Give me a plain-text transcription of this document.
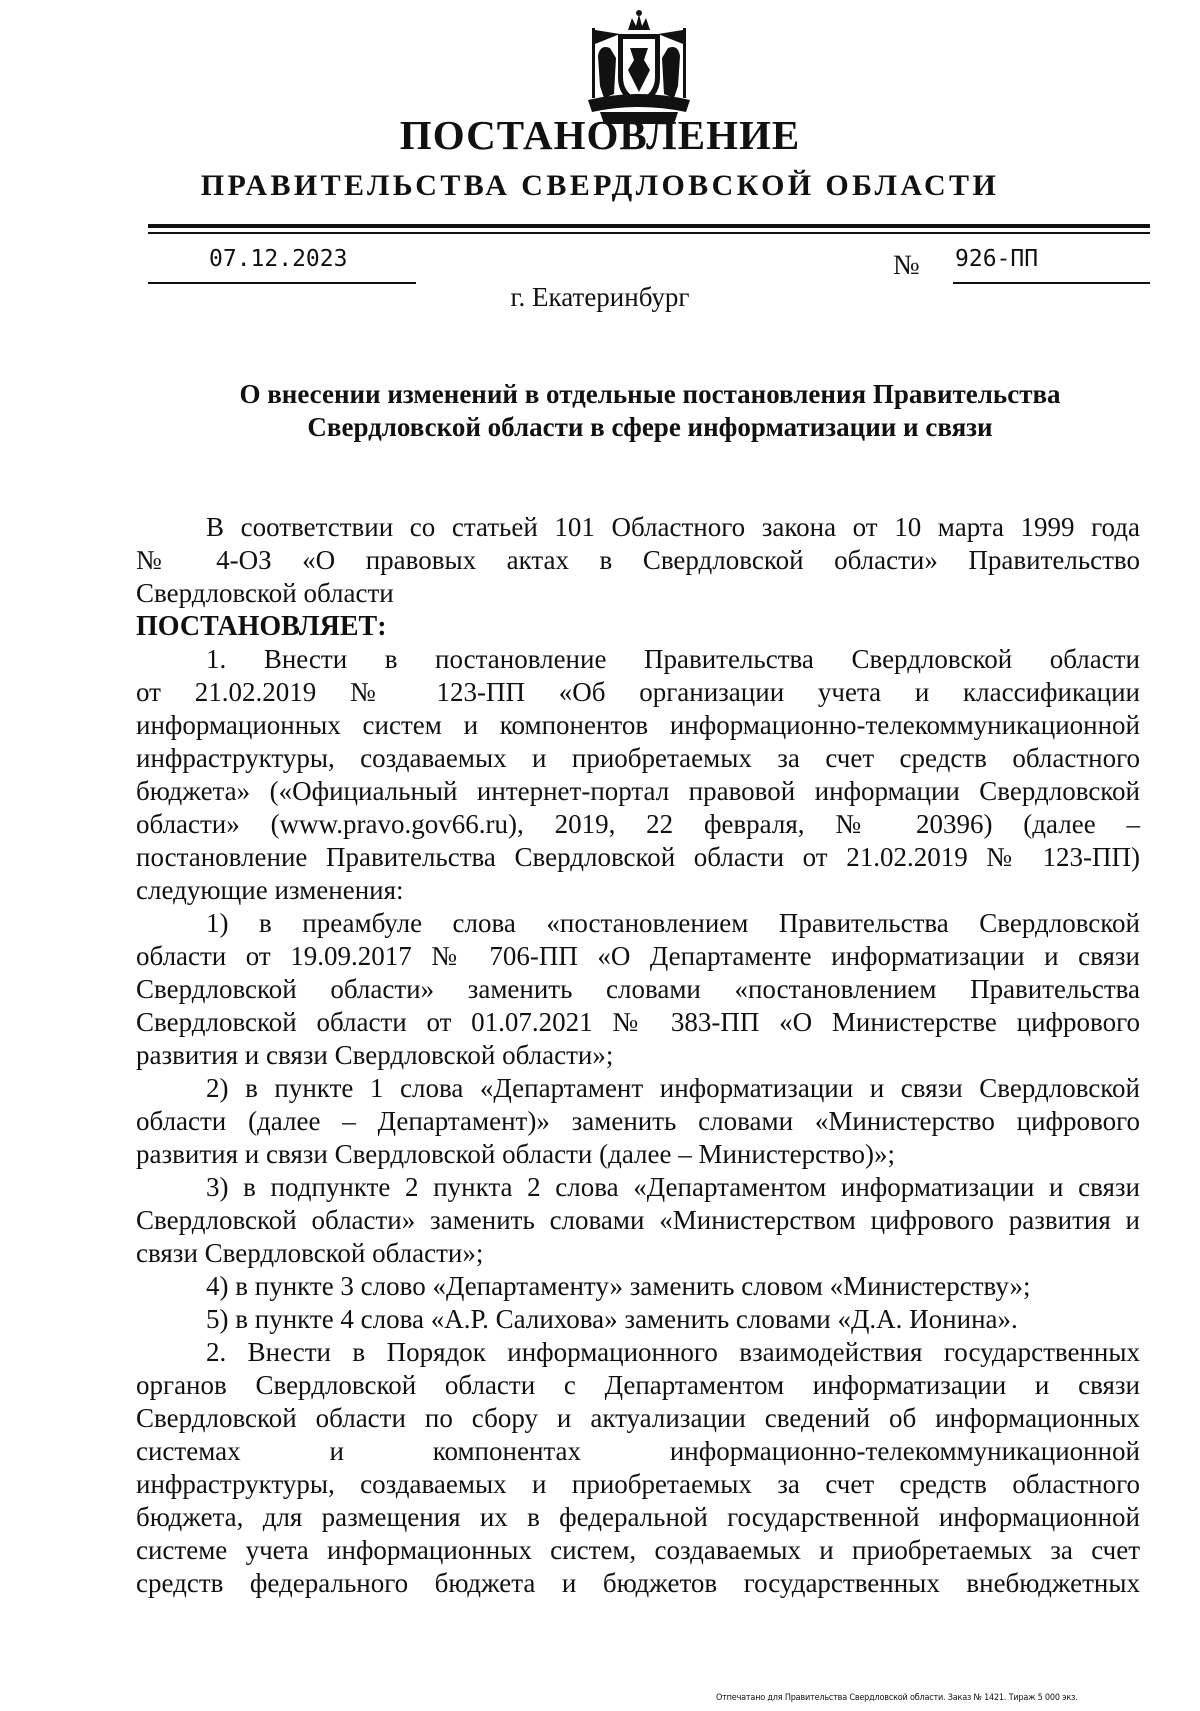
ПОСТАНОВЛЕНИЕ
ПРАВИТЕЛЬСТВА СВЕРДЛОВСКОЙ ОБЛАСТИ
07.12.2023	№ 926-ПП
г. Екатеринбург
О внесении изменений в отдельные постановления Правительства
Свердловской области в сфере информатизации и связи

В соответствии со статьей 101 Областного закона от 10 марта 1999 года

№ 4-ОЗ «О правовых актах в Свердловской области» Правительство

Свердловской области

ПОСТАНОВЛЯЕТ:

1. Внести в постановление Правительства Свердловской области

от 21.02.2019 № 123-ПП «Об организации учета и классификации

информационных систем и компонентов информационно-телекоммуникационной

инфраструктуры, создаваемых и приобретаемых за счет средств областного

бюджета» («Официальный интернет-портал правовой информации Свердловской

области» (www.pravo.gov66.ru), 2019, 22 февраля, № 20396) (далее –

постановление Правительства Свердловской области от 21.02.2019 № 123-ПП)

следующие изменения:

1) в преамбуле слова «постановлением Правительства Свердловской

области от 19.09.2017 № 706-ПП «О Департаменте информатизации и связи

Свердловской области» заменить словами «постановлением Правительства

Свердловской области от 01.07.2021 № 383-ПП «О Министерстве цифрового

развития и связи Свердловской области»;

2) в пункте 1 слова «Департамент информатизации и связи Свердловской

области (далее – Департамент)» заменить словами «Министерство цифрового

развития и связи Свердловской области (далее – Министерство)»;

3) в подпункте 2 пункта 2 слова «Департаментом информатизации и связи

Свердловской области» заменить словами «Министерством цифрового развития и

связи Свердловской области»;

4) в пункте 3 слово «Департаменту» заменить словом «Министерству»;

5) в пункте 4 слова «А.Р. Салихова» заменить словами «Д.А. Ионина».

2. Внести в Порядок информационного взаимодействия государственных

органов Свердловской области с Департаментом информатизации и связи

Свердловской области по сбору и актуализации сведений об информационных

системах и компонентах информационно-телекоммуникационной

инфраструктуры, создаваемых и приобретаемых за счет средств областного

бюджета, для размещения их в федеральной государственной информационной

системе учета информационных систем, создаваемых и приобретаемых за счет

средств федерального бюджета и бюджетов государственных внебюджетных

Отпечатано для Правительства Свердловской области. Заказ № 1421. Тираж 5 000 экз.
